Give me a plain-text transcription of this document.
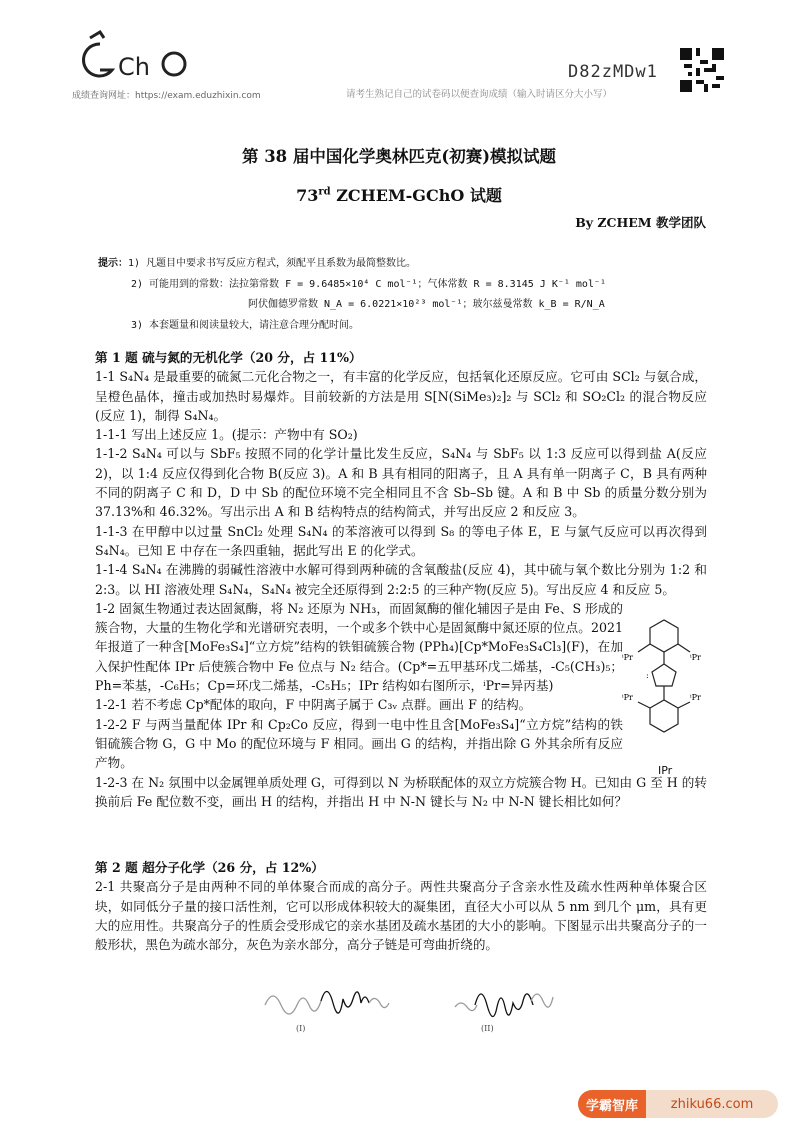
Ch
成绩查询网址：https://exam.eduzhixin.com	请考生熟记自己的试卷码以便查询成绩（输入时请区分大小写）
D82zMDw1
第 38 届中国化学奥林匹克(初赛)模拟试题
73rd ZCHEM-GChO 试题
By ZCHEM 教学团队
提示：1) 凡题目中要求书写反应方程式，须配平且系数为最简整数比。
2) 可能用到的常数：法拉第常数 F = 9.6485×10⁴ C mol⁻¹；气体常数 R = 8.3145 J K⁻¹ mol⁻¹
阿伏伽德罗常数 N_A = 6.0221×10²³ mol⁻¹；玻尔兹曼常数 k_B = R/N_A
3) 本套题量和阅读量较大，请注意合理分配时间。

第 1 题 硫与氮的无机化学（20 分，占 11%）

1-1 S₄N₄ 是最重要的硫氮二元化合物之一，有丰富的化学反应，包括氧化还原反应。它可由 SCl₂ 与氨合成，呈橙色晶体，撞击或加热时易爆炸。目前较新的方法是用 S[N(SiMe₃)₂]₂ 与 SCl₂ 和 SO₂Cl₂ 的混合物反应(反应 1)，制得 S₄N₄。

1-1-1 写出上述反应 1。(提示：产物中有 SO₂)

1-1-2 S₄N₄ 可以与 SbF₅ 按照不同的化学计量比发生反应，S₄N₄ 与 SbF₅ 以 1:3 反应可以得到盐 A(反应 2)，以 1:4 反应仅得到化合物 B(反应 3)。A 和 B 具有相同的阳离子，且 A 具有单一阴离子 C，B 具有两种不同的阴离子 C 和 D，D 中 Sb 的配位环境不完全相同且不含 Sb–Sb 键。A 和 B 中 Sb 的质量分数分别为 37.13%和 46.32%。写出示出 A 和 B 结构特点的结构简式，并写出反应 2 和反应 3。

1-1-3 在甲醇中以过量 SnCl₂ 处理 S₄N₄ 的苯溶液可以得到 S₈ 的等电子体 E，E 与氯气反应可以再次得到 S₄N₄。已知 E 中存在一条四重轴，据此写出 E 的化学式。

1-1-4 S₄N₄ 在沸腾的弱碱性溶液中水解可得到两种硫的含氧酸盐(反应 4)，其中硫与氧个数比分别为 1:2 和 2:3。以 HI 溶液处理 S₄N₄，S₄N₄ 被完全还原得到 2:2:5 的三种产物(反应 5)。写出反应 4 和反应 5。

1-2 固氮生物通过表达固氮酶，将 N₂ 还原为 NH₃，而固氮酶的催化辅因子是由 Fe、S 形成的簇合物，大量的生物化学和光谱研究表明，一个或多个铁中心是固氮酶中氮还原的位点。2021 年报道了一种含[MoFe₃S₄]“立方烷”结构的铁钼硫簇合物 (PPh₄)[Cp*MoFe₃S₄Cl₃](F)，在加入保护性配体 IPr 后使簇合物中 Fe 位点与 N₂ 结合。(Cp*=五甲基环戊二烯基，-C₅(CH₃)₅；Ph=苯基，-C₆H₅；Cp=环戊二烯基，-C₅H₅；IPr 结构如右图所示，ⁱPr=异丙基)

1-2-1 若不考虑 Cp*配体的取向，F 中阴离子属于 C₃ᵥ 点群。画出 F 的结构。

1-2-2 F 与两当量配体 IPr 和 Cp₂Co 反应，得到一电中性且含[MoFe₃S₄]“立方烷”结构的铁钼硫簇合物 G，G 中 Mo 的配位环境与 F 相同。画出 G 的结构，并指出除 G 外其余所有反应产物。

1-2-3 在 N₂ 氛围中以金属锂单质处理 G，可得到以 N 为桥联配体的双立方烷簇合物 H。已知由 G 至 H 的转换前后 Fe 配位数不变，画出 H 的结构，并指出 H 中 N-N 键长与 N₂ 中 N-N 键长相比如何？

ⁱPr	ⁱPr
ⁱPr	ⁱPr
:
IPr

第 2 题 超分子化学（26 分，占 12%）

2-1 共聚高分子是由两种不同的单体聚合而成的高分子。两性共聚高分子含亲水性及疏水性两种单体聚合区块，如同低分子量的接口活性剂，它可以形成体积较大的凝集团，直径大小可以从 5 nm 到几个 μm，具有更大的应用性。共聚高分子的性质会受形成它的亲水基团及疏水基团的大小的影响。下图显示出共聚高分子的一般形状，黑色为疏水部分，灰色为亲水部分，高分子链是可弯曲折绕的。

(I)	(II)
学霸智库	zhiku66.com
